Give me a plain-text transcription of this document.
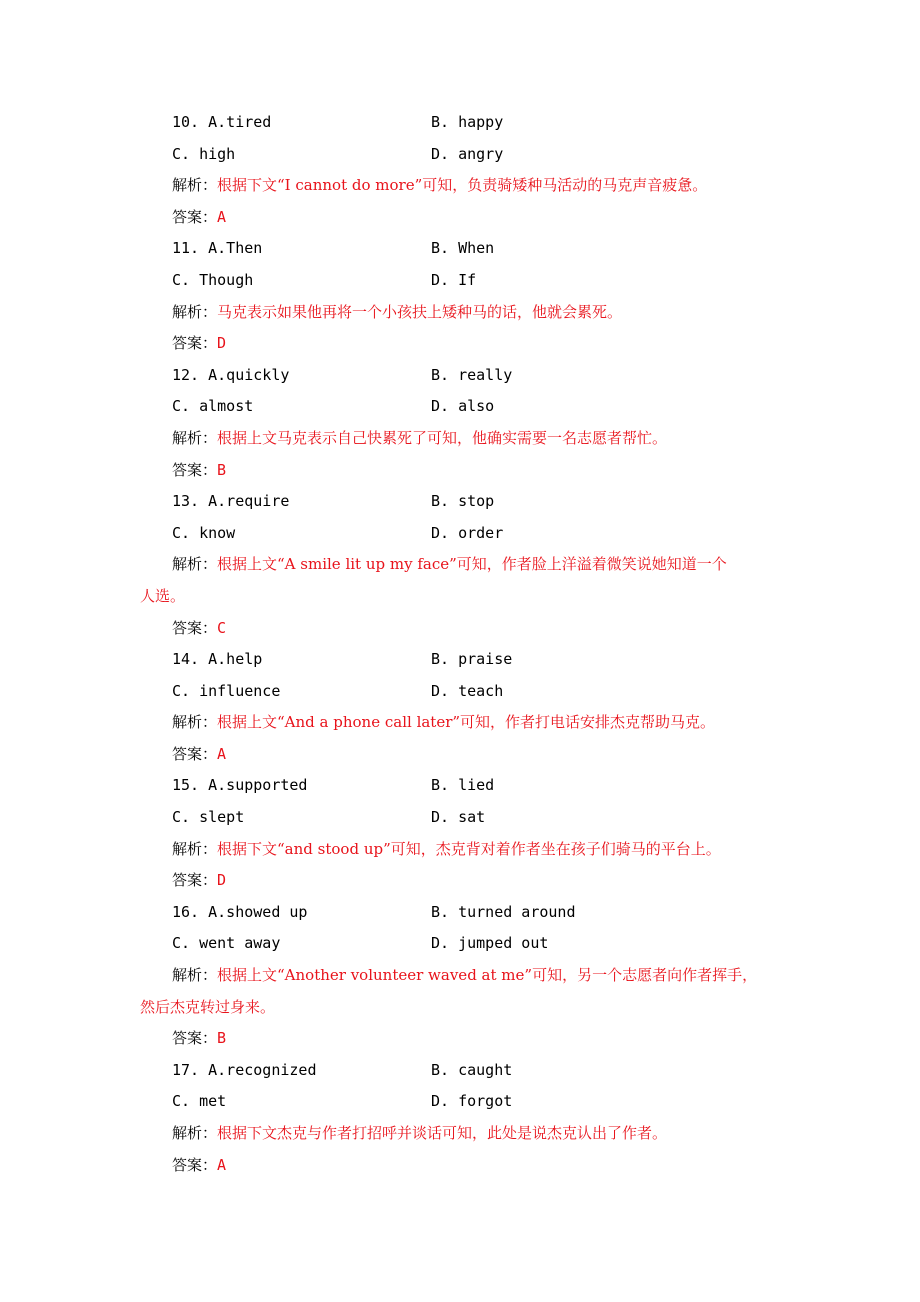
10. A.tired	B. happy
C. high	D. angry
解析：根据下文“I cannot do more”可知，负责骑矮种马活动的马克声音疲惫。
答案：A
11. A.Then	B. When
C. Though	D. If
解析：马克表示如果他再将一个小孩扶上矮种马的话，他就会累死。
答案：D
12. A.quickly	B. really
C. almost	D. also
解析：根据上文马克表示自己快累死了可知，他确实需要一名志愿者帮忙。
答案：B
13. A.require	B. stop
C. know	D. order
解析：根据上文“A smile lit up my face”可知，作者脸上洋溢着微笑说她知道一个
人选。
答案：C
14. A.help	B. praise
C. influence	D. teach
解析：根据上文“And a phone call later”可知，作者打电话安排杰克帮助马克。
答案：A
15. A.supported	B. lied
C. slept	D. sat
解析：根据下文“and stood up”可知，杰克背对着作者坐在孩子们骑马的平台上。
答案：D
16. A.showed up	B. turned around
C. went away	D. jumped out
解析：根据上文“Another volunteer waved at me”可知，另一个志愿者向作者挥手，
然后杰克转过身来。
答案：B
17. A.recognized	B. caught
C. met	D. forgot
解析：根据下文杰克与作者打招呼并谈话可知，此处是说杰克认出了作者。
答案：A
